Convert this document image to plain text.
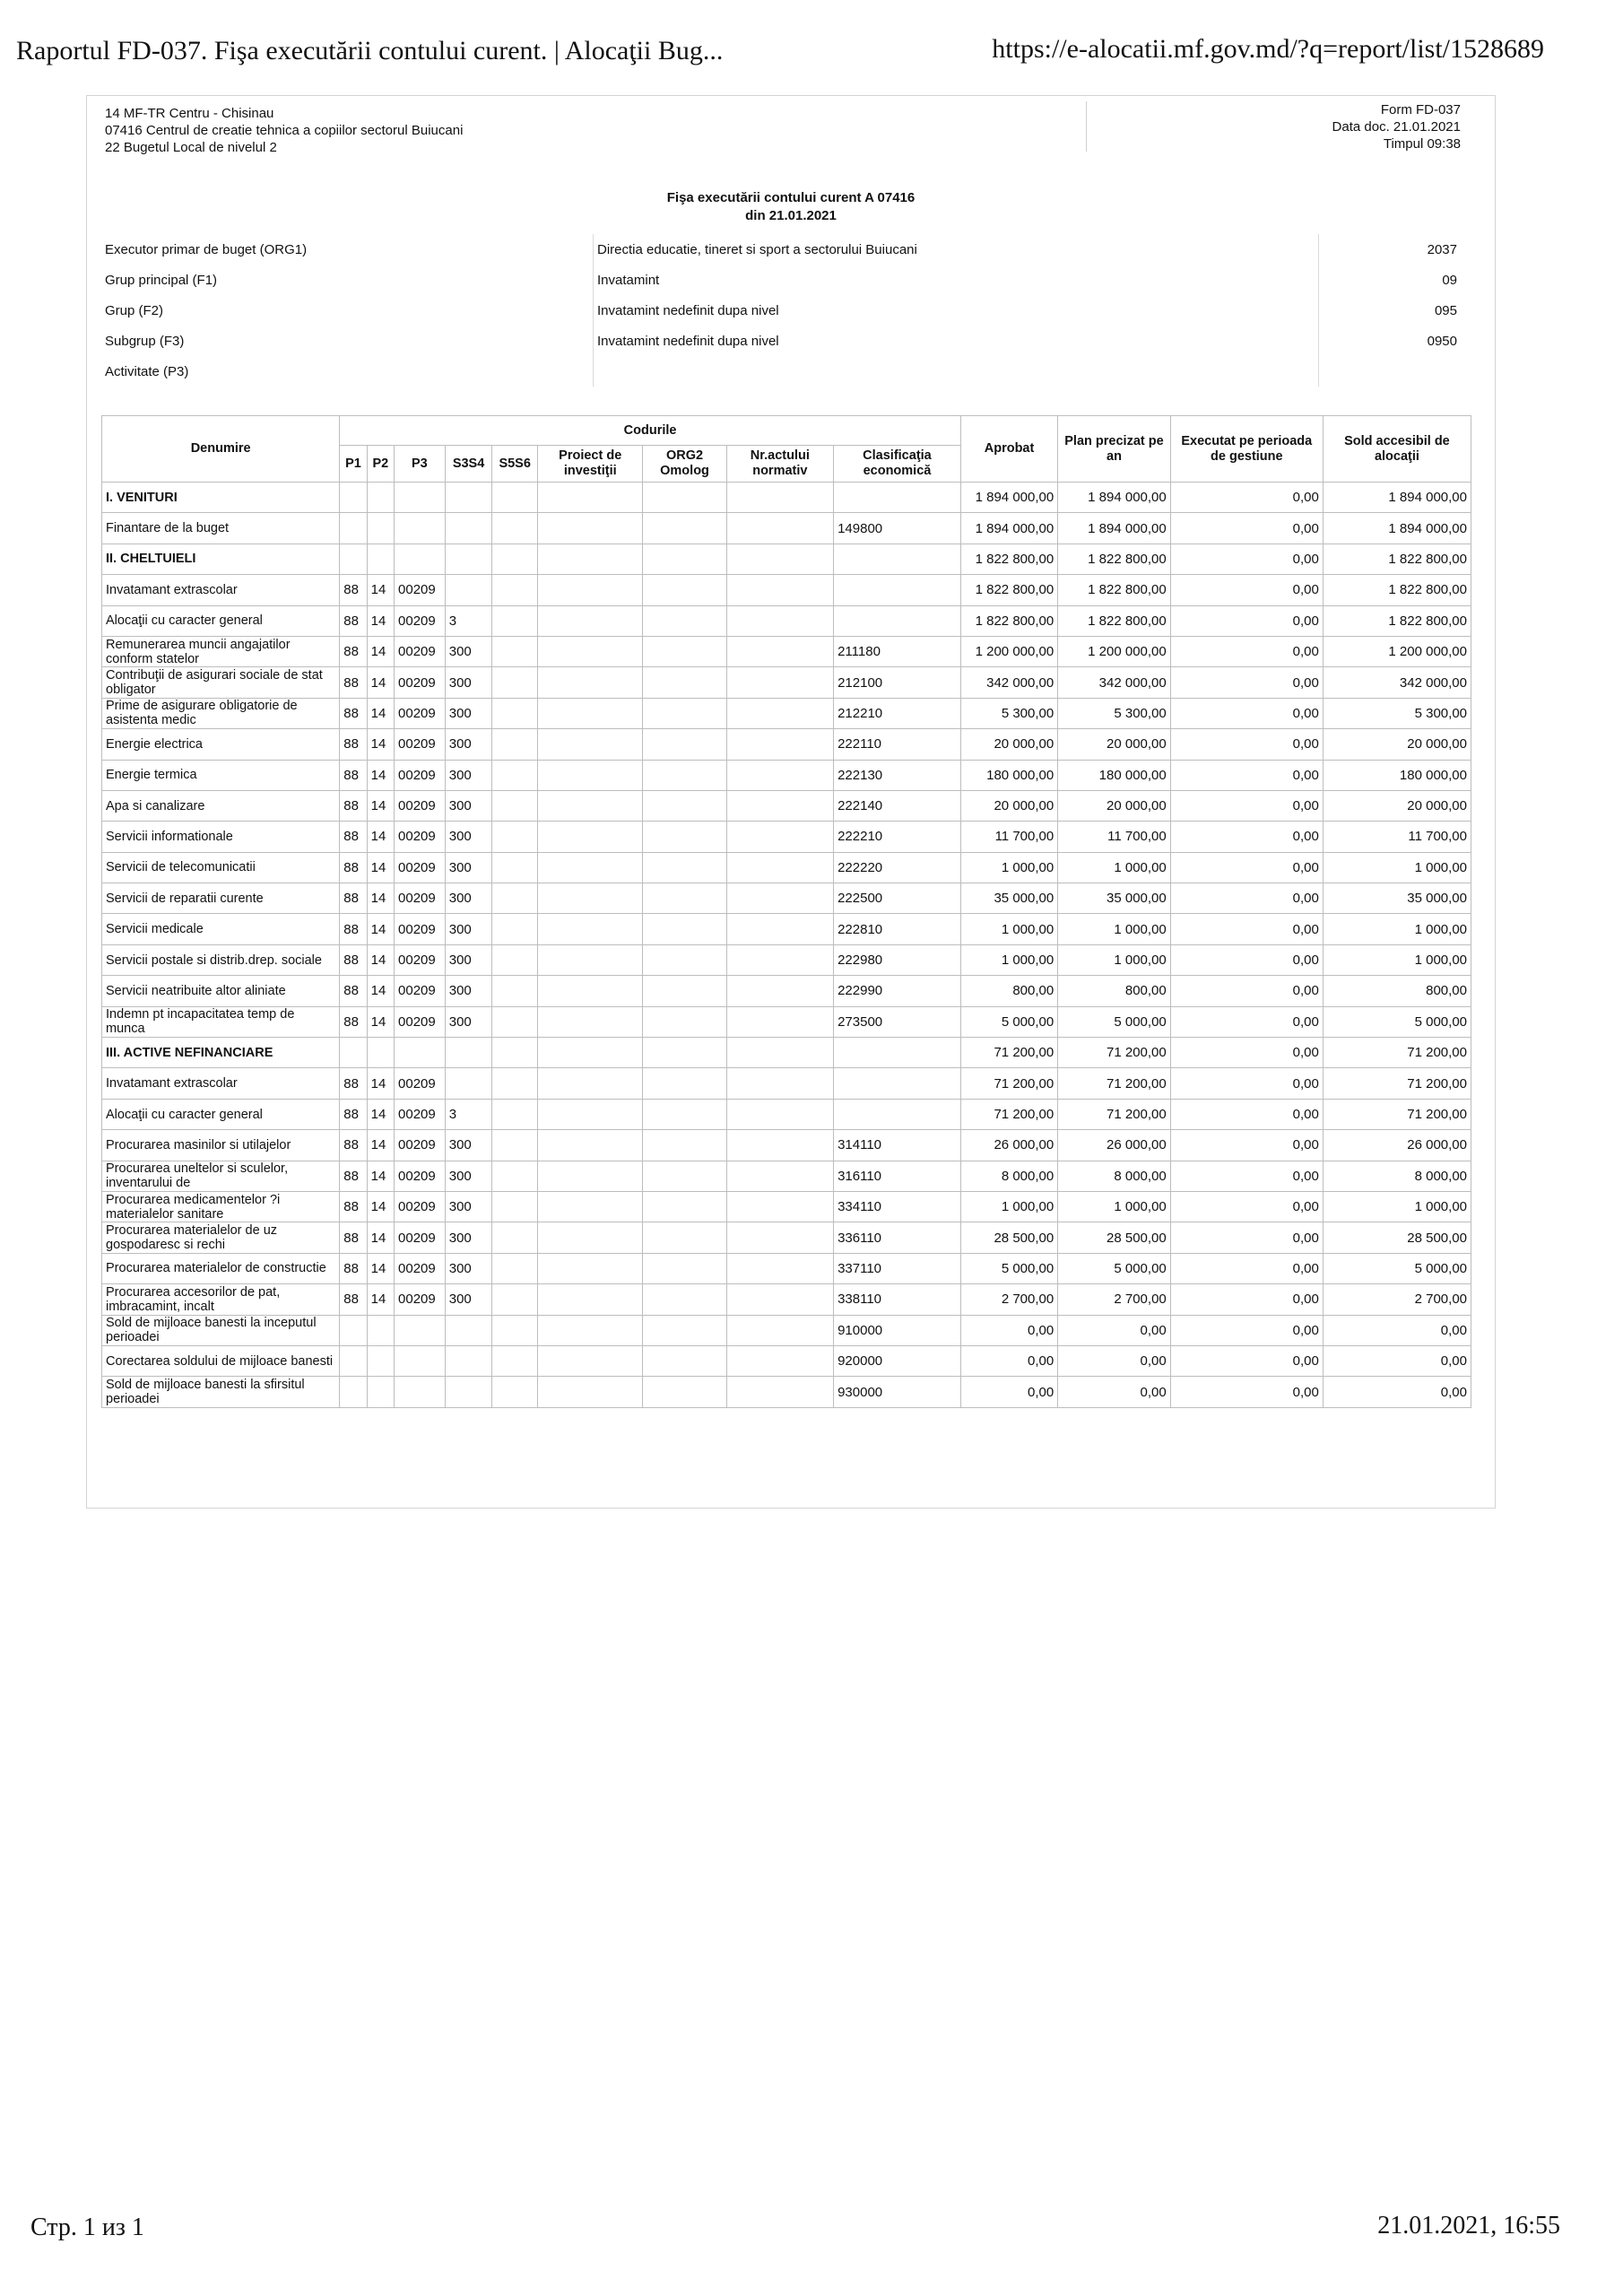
Raportul FD-037. Fişa executării contului curent. | Alocaţii Bug...	https://e-alocatii.mf.gov.md/?q=report/list/1528689
14 MF-TR Centru - Chisinau
07416 Centrul de creatie tehnica a copiilor sectorul Buiucani
22 Bugetul Local de nivelul 2
Form FD-037
Data doc. 21.01.2021
Timpul 09:38
Fişa executării contului curent A 07416
din 21.01.2021
Executor primar de buget (ORG1)	Directia educatie, tineret si sport a sectorului Buiucani	2037
Grup principal (F1)	Invatamint	09
Grup (F2)	Invatamint nedefinit dupa nivel	095
Subgrup (F3)	Invatamint nedefinit dupa nivel	0950
Activitate (P3)		
Denumire	Codurile									Aprobat	Plan precizat pe an	Executat pe perioada de gestiune	Sold accesibil de alocaţii
	P1	P2	P3	S3S4	S5S6	Proiect de investiţii	ORG2 Omolog	Nr.actului normativ	Clasificaţia economică				
I. VENITURI										1 894 000,00	1 894 000,00	0,00	1 894 000,00
Finantare de la buget									149800	1 894 000,00	1 894 000,00	0,00	1 894 000,00
II. CHELTUIELI										1 822 800,00	1 822 800,00	0,00	1 822 800,00
Invatamant extrascolar	88	14	00209							1 822 800,00	1 822 800,00	0,00	1 822 800,00
Alocaţii cu caracter general	88	14	00209	3						1 822 800,00	1 822 800,00	0,00	1 822 800,00
Remunerarea muncii angajatilor conform statelor	88	14	00209	300					211180	1 200 000,00	1 200 000,00	0,00	1 200 000,00
Contribuţii de asigurari sociale de stat obligator	88	14	00209	300					212100	342 000,00	342 000,00	0,00	342 000,00
Prime de asigurare obligatorie de asistenta medic	88	14	00209	300					212210	5 300,00	5 300,00	0,00	5 300,00
Energie electrica	88	14	00209	300					222110	20 000,00	20 000,00	0,00	20 000,00
Energie termica	88	14	00209	300					222130	180 000,00	180 000,00	0,00	180 000,00
Apa si canalizare	88	14	00209	300					222140	20 000,00	20 000,00	0,00	20 000,00
Servicii informationale	88	14	00209	300					222210	11 700,00	11 700,00	0,00	11 700,00
Servicii de telecomunicatii	88	14	00209	300					222220	1 000,00	1 000,00	0,00	1 000,00
Servicii de reparatii curente	88	14	00209	300					222500	35 000,00	35 000,00	0,00	35 000,00
Servicii medicale	88	14	00209	300					222810	1 000,00	1 000,00	0,00	1 000,00
Servicii postale si distrib.drep. sociale	88	14	00209	300					222980	1 000,00	1 000,00	0,00	1 000,00
Servicii neatribuite altor aliniate	88	14	00209	300					222990	800,00	800,00	0,00	800,00
Indemn pt incapacitatea temp de munca	88	14	00209	300					273500	5 000,00	5 000,00	0,00	5 000,00
III. ACTIVE NEFINANCIARE										71 200,00	71 200,00	0,00	71 200,00
Invatamant extrascolar	88	14	00209							71 200,00	71 200,00	0,00	71 200,00
Alocaţii cu caracter general	88	14	00209	3						71 200,00	71 200,00	0,00	71 200,00
Procurarea masinilor si utilajelor	88	14	00209	300					314110	26 000,00	26 000,00	0,00	26 000,00
Procurarea uneltelor si sculelor, inventarului de	88	14	00209	300					316110	8 000,00	8 000,00	0,00	8 000,00
Procurarea medicamentelor ?i materialelor sanitare	88	14	00209	300					334110	1 000,00	1 000,00	0,00	1 000,00
Procurarea materialelor de uz gospodaresc si rechi	88	14	00209	300					336110	28 500,00	28 500,00	0,00	28 500,00
Procurarea materialelor de constructie	88	14	00209	300					337110	5 000,00	5 000,00	0,00	5 000,00
Procurarea accesorilor de pat, imbracamint, incalt	88	14	00209	300					338110	2 700,00	2 700,00	0,00	2 700,00
Sold de mijloace banesti la inceputul perioadei									910000	0,00	0,00	0,00	0,00
Corectarea soldului de mijloace banesti									920000	0,00	0,00	0,00	0,00
Sold de mijloace banesti la sfirsitul perioadei									930000	0,00	0,00	0,00	0,00
Стр. 1 из 1	21.01.2021, 16:55
